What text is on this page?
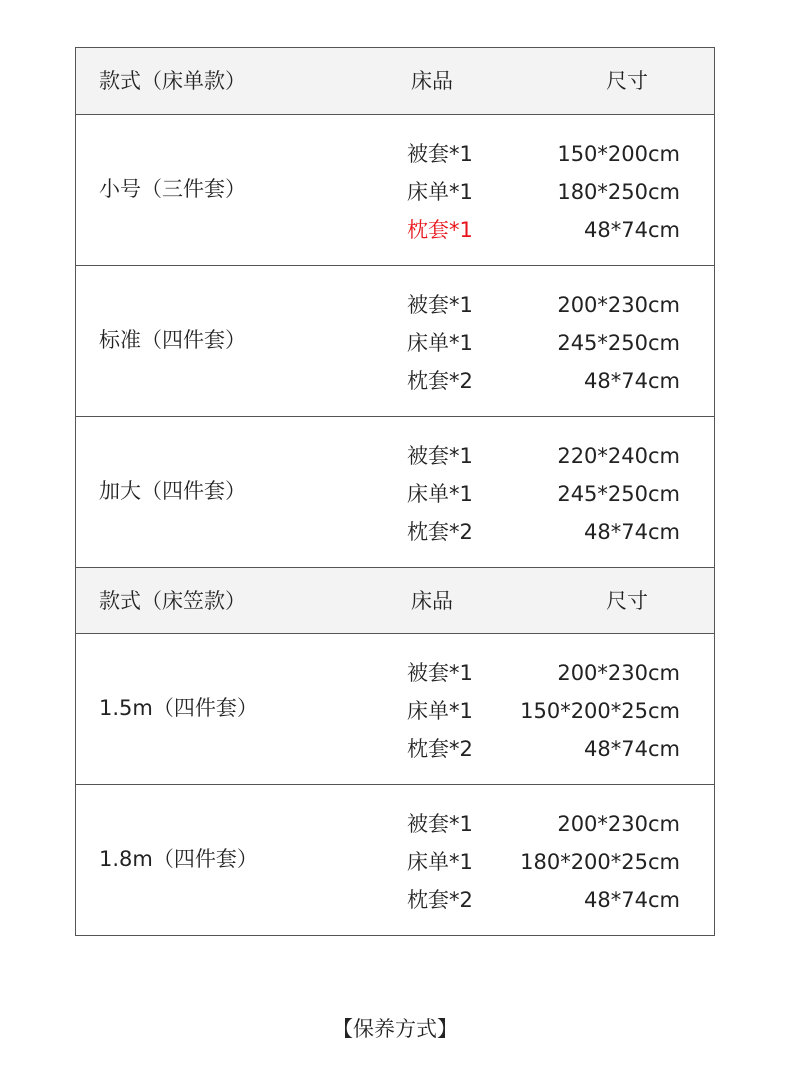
款式（床单款）	床品	尺寸
小号（三件套）
被套*1	150*200cm
床单*1	180*250cm
枕套*1	48*74cm
标准（四件套）
被套*1	200*230cm
床单*1	245*250cm
枕套*2	48*74cm
加大（四件套）
被套*1	220*240cm
床单*1	245*250cm
枕套*2	48*74cm
款式（床笠款）	床品	尺寸
1.5m（四件套）
被套*1	200*230cm
床单*1 150*200*25cm
枕套*2	48*74cm
1.8m（四件套）
被套*1	200*230cm
床单*1 180*200*25cm
枕套*2	48*74cm
【保养方式】
